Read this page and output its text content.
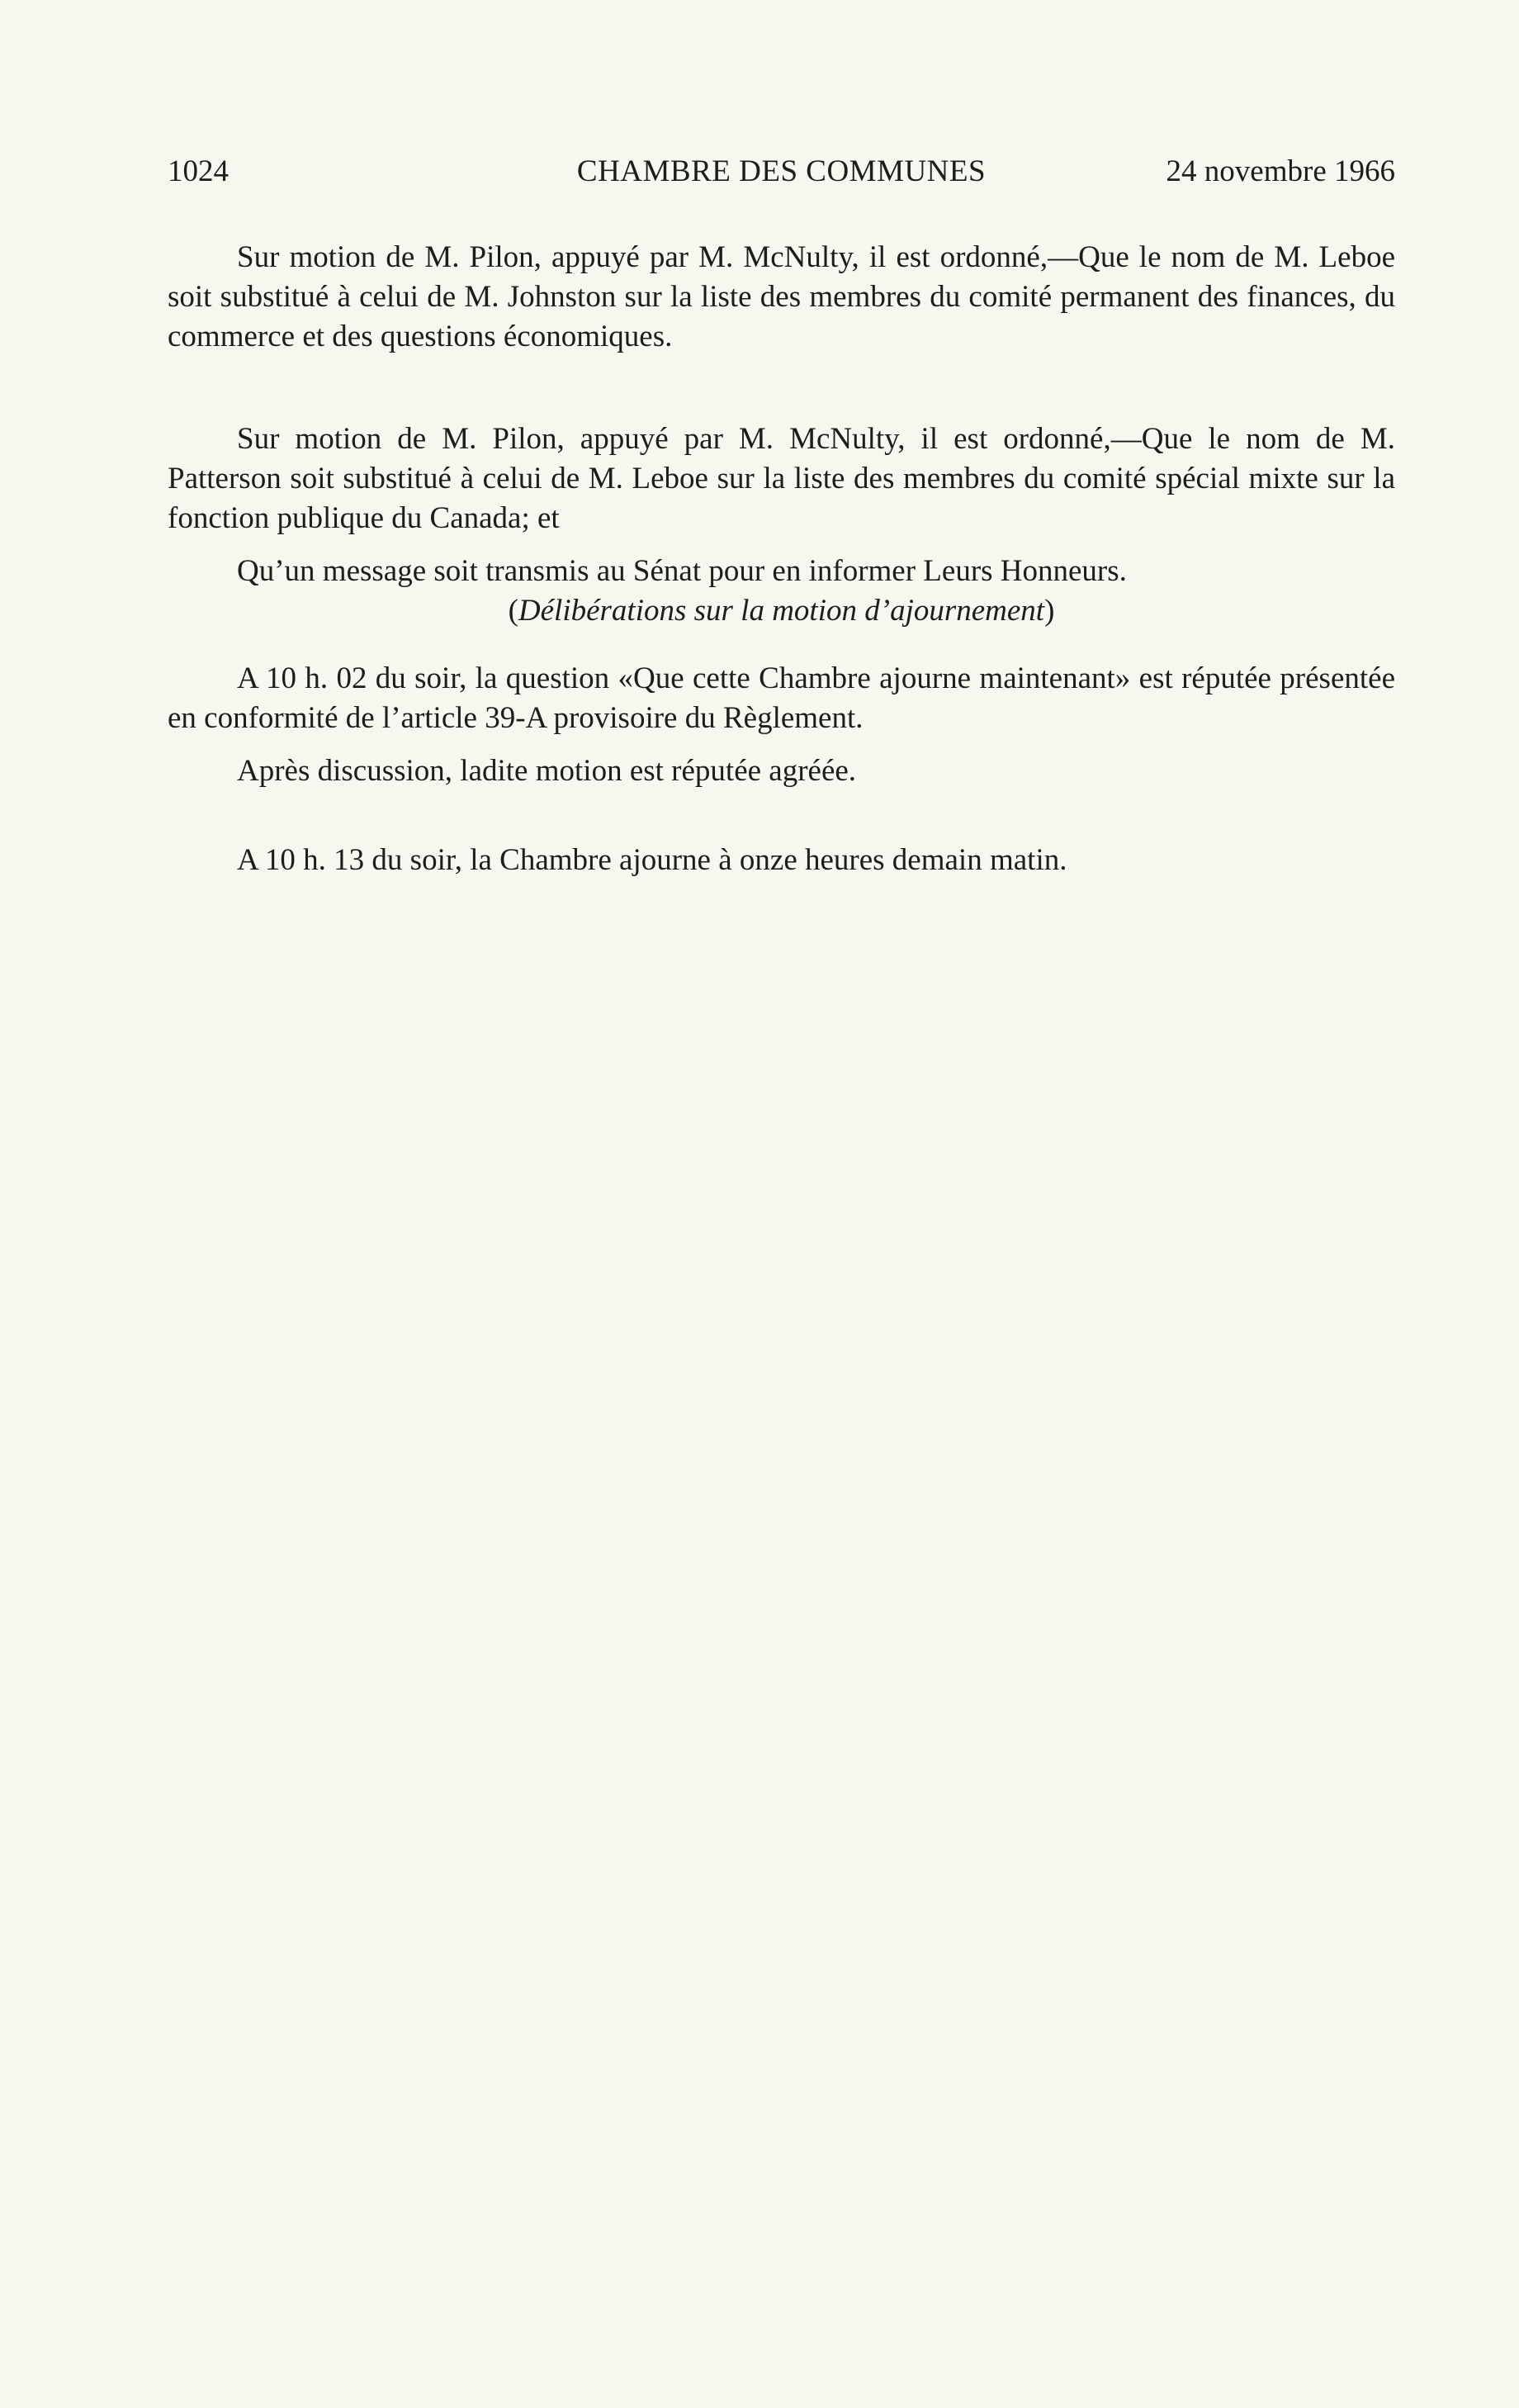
1024	CHAMBRE DES COMMUNES	24 novembre 1966

Sur motion de M. Pilon, appuyé par M. McNulty, il est ordonné,—Que le nom de M. Leboe soit substitué à celui de M. Johnston sur la liste des membres du comité permanent des finances, du commerce et des questions économiques.

Sur motion de M. Pilon, appuyé par M. McNulty, il est ordonné,—Que le nom de M. Patterson soit substitué à celui de M. Leboe sur la liste des membres du comité spécial mixte sur la fonction publique du Canada; et

Qu’un message soit transmis au Sénat pour en informer Leurs Honneurs.

(Délibérations sur la motion d’ajournement)

A 10 h. 02 du soir, la question «Que cette Chambre ajourne maintenant» est réputée présentée en conformité de l’article 39-A provisoire du Règlement.

Après discussion, ladite motion est réputée agréée.

A 10 h. 13 du soir, la Chambre ajourne à onze heures demain matin.
